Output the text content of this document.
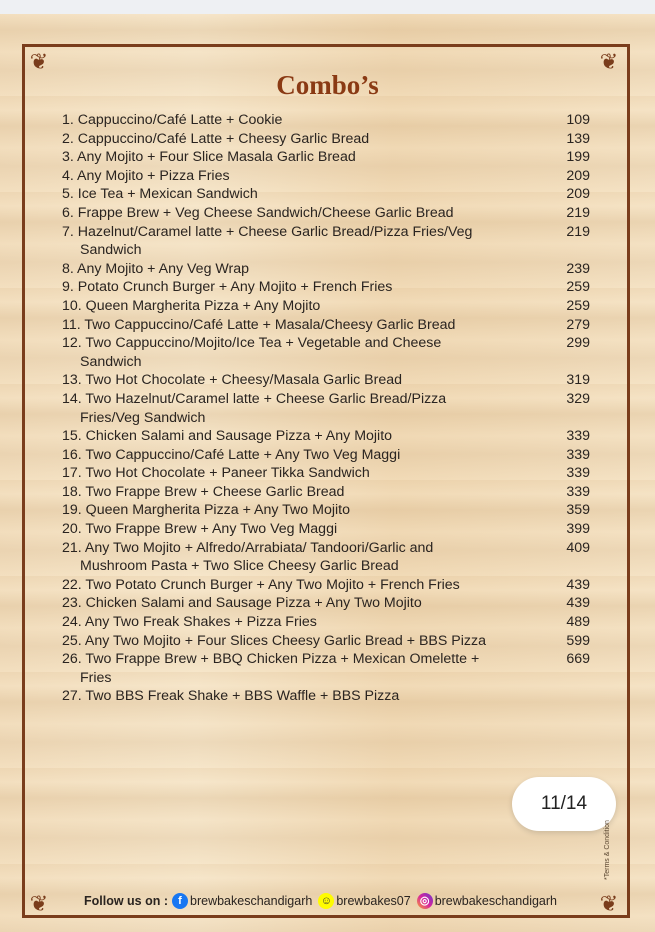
❦	❦
❦	❦
Combo’s
1. Cappuccino/Café Latte + Cookie	109
2. Cappuccino/Café Latte + Cheesy Garlic Bread	139
3. Any Mojito + Four Slice Masala Garlic Bread	199
4. Any Mojito + Pizza Fries	209
5. Ice Tea + Mexican Sandwich	209
6. Frappe Brew + Veg Cheese Sandwich/Cheese Garlic Bread	219
7. Hazelnut/Caramel latte + Cheese Garlic Bread/Pizza Fries/Veg Sandwich
219
8. Any Mojito + Any Veg Wrap	239
9. Potato Crunch Burger + Any Mojito + French Fries	259
10. Queen Margherita Pizza + Any Mojito	259
11. Two Cappuccino/Café Latte + Masala/Cheesy Garlic Bread	279
12. Two Cappuccino/Mojito/Ice Tea + Vegetable and Cheese Sandwich
299
13. Two Hot Chocolate + Cheesy/Masala Garlic Bread	319
14. Two Hazelnut/Caramel latte + Cheese Garlic Bread/Pizza Fries/Veg Sandwich
329
15. Chicken Salami and Sausage Pizza + Any Mojito	339
16. Two Cappuccino/Café Latte + Any Two Veg Maggi	339
17. Two Hot Chocolate + Paneer Tikka Sandwich	339
18. Two Frappe Brew + Cheese Garlic Bread	339
19. Queen Margherita Pizza + Any Two Mojito	359
20. Two Frappe Brew + Any Two Veg Maggi	399
21. Any Two Mojito + Alfredo/Arrabiata/ Tandoori/Garlic and Mushroom Pasta + Two Slice Cheesy Garlic Bread
409
22. Two Potato Crunch Burger + Any Two Mojito + French Fries	439
23. Chicken Salami and Sausage Pizza + Any Two Mojito	439
24. Any Two Freak Shakes + Pizza Fries	489
25. Any Two Mojito + Four Slices Cheesy Garlic Bread + BBS Pizza	599
26. Two Frappe Brew + BBQ Chicken Pizza + Mexican Omelette + Fries
669
27. Two BBS Freak Shake + BBS Waffle + BBS Pizza
11/14
*Terms & Condition
Follow us on : f brewbakeschandigarh ☺ brewbakes07 ◎ brewbakeschandigarh
